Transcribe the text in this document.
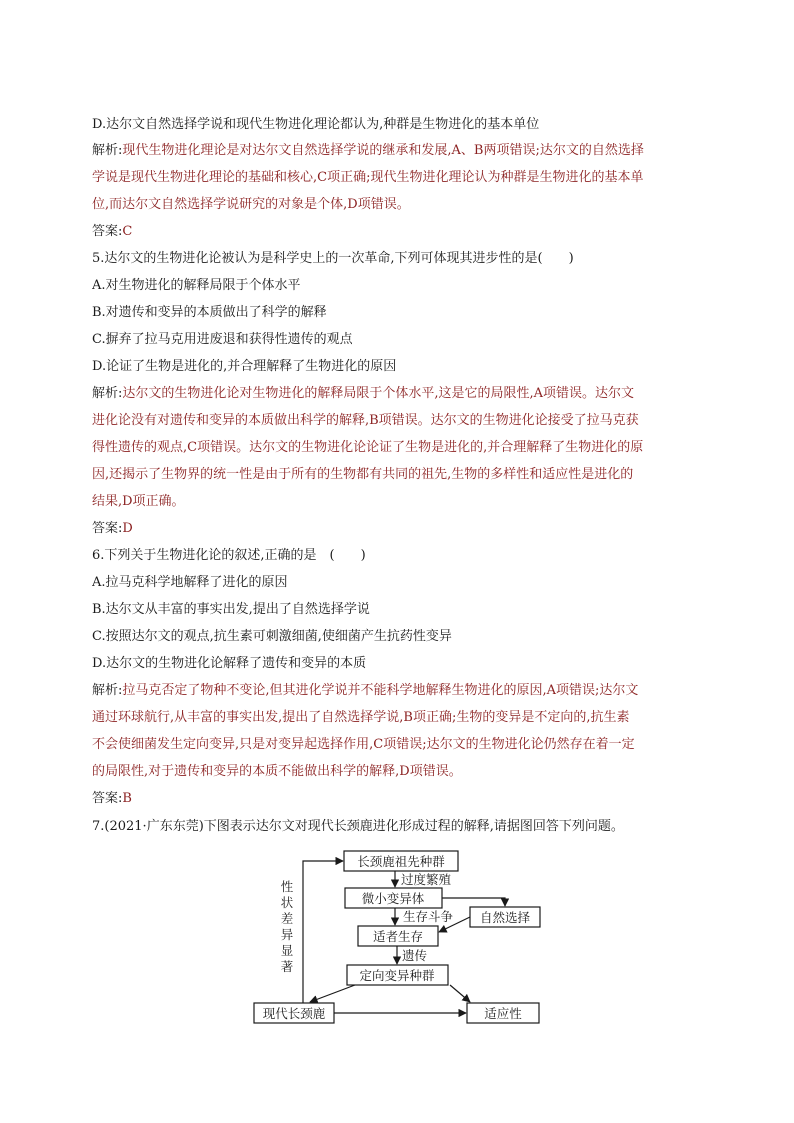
D.达尔文自然选择学说和现代生物进化理论都认为,种群是生物进化的基本单位
解析:现代生物进化理论是对达尔文自然选择学说的继承和发展,A、B两项错误;达尔文的自然选择
学说是现代生物进化理论的基础和核心,C项正确;现代生物进化理论认为种群是生物进化的基本单
位,而达尔文自然选择学说研究的对象是个体,D项错误。
答案:C
5.达尔文的生物进化论被认为是科学史上的一次革命,下列可体现其进步性的是(　　)
A.对生物进化的解释局限于个体水平
B.对遗传和变异的本质做出了科学的解释
C.摒弃了拉马克用进废退和获得性遗传的观点
D.论证了生物是进化的,并合理解释了生物进化的原因
解析:达尔文的生物进化论对生物进化的解释局限于个体水平,这是它的局限性,A项错误。达尔文
进化论没有对遗传和变异的本质做出科学的解释,B项错误。达尔文的生物进化论接受了拉马克获
得性遗传的观点,C项错误。达尔文的生物进化论论证了生物是进化的,并合理解释了生物进化的原
因,还揭示了生物界的统一性是由于所有的生物都有共同的祖先,生物的多样性和适应性是进化的
结果,D项正确。
答案:D
6.下列关于生物进化论的叙述,正确的是　(　　)
A.拉马克科学地解释了进化的原因
B.达尔文从丰富的事实出发,提出了自然选择学说
C.按照达尔文的观点,抗生素可刺激细菌,使细菌产生抗药性变异
D.达尔文的生物进化论解释了遗传和变异的本质
解析:拉马克否定了物种不变论,但其进化学说并不能科学地解释生物进化的原因,A项错误;达尔文
通过环球航行,从丰富的事实出发,提出了自然选择学说,B项正确;生物的变异是不定向的,抗生素
不会使细菌发生定向变异,只是对变异起选择作用,C项错误;达尔文的生物进化论仍然存在着一定
的局限性,对于遗传和变异的本质不能做出科学的解释,D项错误。
答案:B
7.(2021·广东东莞)下图表示达尔文对现代长颈鹿进化形成过程的解释,请据图回答下列问题。
长颈鹿祖先种群
微小变异体
自然选择
适者生存
定向变异种群
现代长颈鹿	适应性
过度繁殖
生存斗争
遗传
性
状
差
异
显
著
